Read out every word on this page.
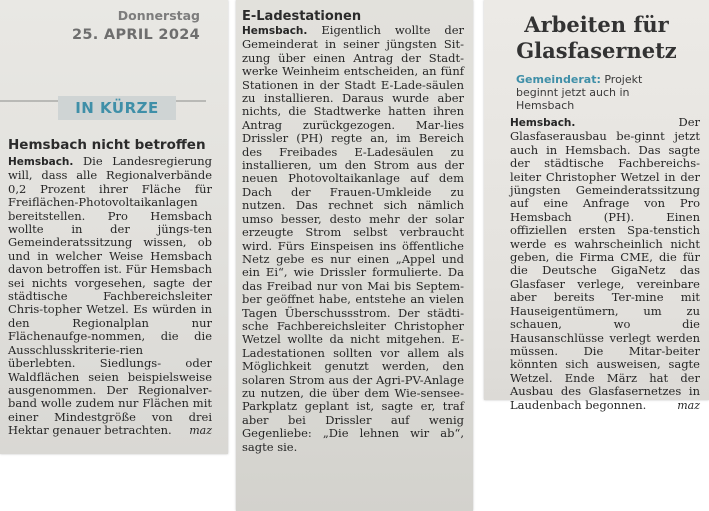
Donnerstag
25. APRIL 2024
IN KÜRZE
Hemsbach nicht betroffen
Hemsbach. Die Landesregierung will, dass alle Regionalverbände 0,2 Prozent ihrer Fläche für Freiflächen-Photovoltaikanlagen bereitstellen. Pro Hemsbach wollte in der jüngs-ten Gemeinderatssitzung wissen, ob und in welcher Weise Hemsbach davon betroffen ist. Für Hemsbach sei nichts vorgesehen, sagte der städtische Fachbereichsleiter Chris-topher Wetzel. Es würden in den Regionalplan nur Flächenaufge-nommen, die die Ausschlusskriterie-rien überlebten. Siedlungs- oder Waldflächen seien beispielsweise ausgenommen. Der Regionalver-band wolle zudem nur Flächen mit einer Mindestgröße von drei Hektar genauer betrachten. maz
E-Ladestationen
Hemsbach. Eigentlich wollte der Gemeinderat in seiner jüngsten Sit-zung über einen Antrag der Stadt-werke Weinheim entscheiden, an fünf Stationen in der Stadt E-Lade-säulen zu installieren. Daraus wurde aber nichts, die Stadtwerke hatten ihren Antrag zurückgezogen. Mar-lies Drissler (PH) regte an, im Bereich des Freibades E-Ladesäulen zu installieren, um den Strom aus der neuen Photovoltaikanlage auf dem Dach der Frauen-Umkleide zu nutzen. Das rechnet sich nämlich umso besser, desto mehr der solar erzeugte Strom selbst verbraucht wird. Fürs Einspeisen ins öffentliche Netz gebe es nur einen „Appel und ein Ei“, wie Drissler formulierte. Da das Freibad nur von Mai bis Septem-ber geöffnet habe, entstehe an vielen Tagen Überschussstrom. Der städti-sche Fachbereichsleiter Christopher Wetzel wollte da nicht mitgehen. E-Ladestationen sollten vor allem als Möglichkeit genutzt werden, den solaren Strom aus der Agri-PV-Anlage zu nutzen, die über dem Wie-sensee-Parkplatz geplant ist, sagte er, traf aber bei Drissler auf wenig Gegenliebe: „Die lehnen wir ab“, sagte sie.
Arbeiten für
Glasfasernetz
Gemeinderat: Projekt beginnt jetzt auch in Hemsbach
Hemsbach.	Der Glasfaserausbau be-ginnt jetzt auch in Hemsbach. Das sagte der städtische Fachbereichs-leiter Christopher Wetzel in der jüngsten Gemeinderatssitzung auf eine Anfrage von Pro Hemsbach (PH). Einen offiziellen ersten Spa-tenstich werde es wahrscheinlich nicht geben, die Firma CME, die für die Deutsche GigaNetz das Glasfaser verlege, vereinbare aber bereits Ter-mine mit Hauseigentümern, um zu schauen, wo die Hausanschlüsse verlegt werden müssen. Die Mitar-beiter könnten sich ausweisen, sagte Wetzel. Ende März hat der Ausbau des Glasfasernetzes in Laudenbach begonnen.	maz
